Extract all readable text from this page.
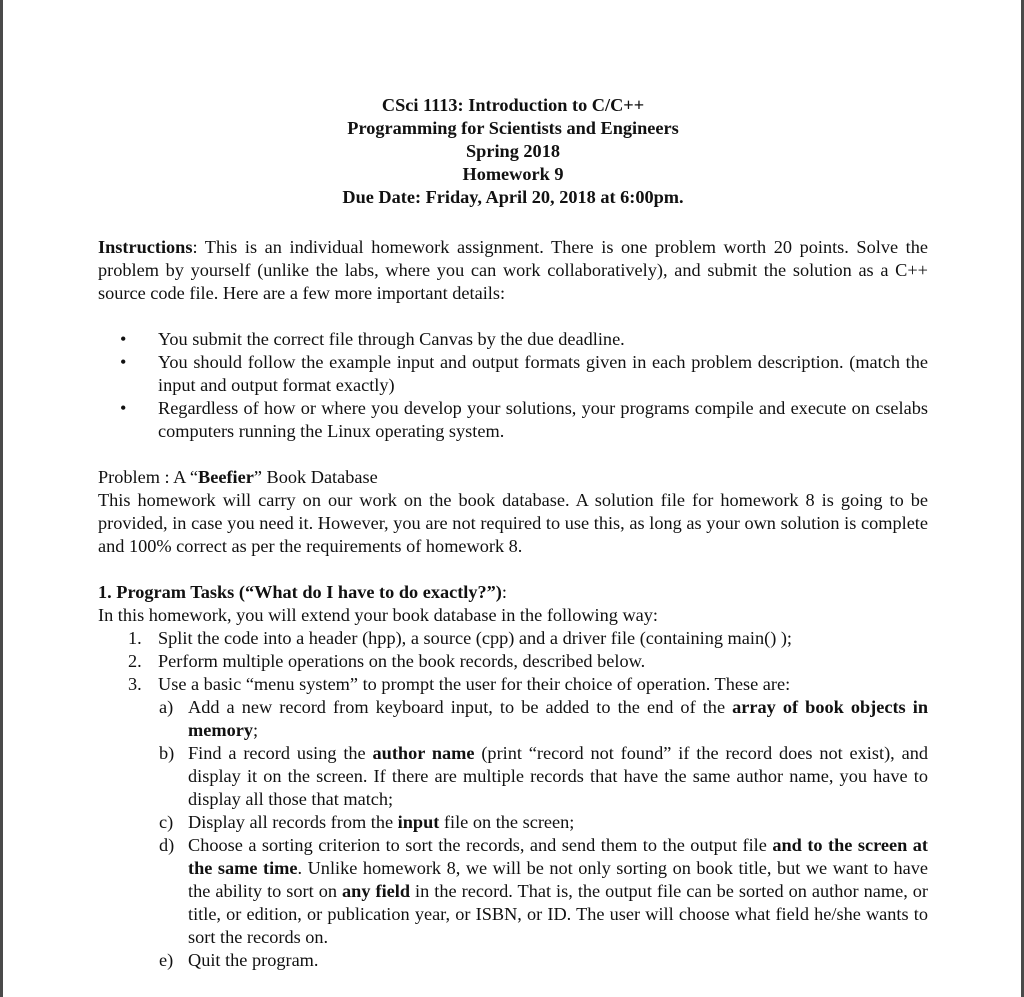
CSci 1113: Introduction to C/C++
Programming for Scientists and Engineers
Spring 2018
Homework 9
Due Date: Friday, April 20, 2018 at 6:00pm.
Instructions: This is an individual homework assignment. There is one problem worth 20 points. Solve the problem by yourself (unlike the labs, where you can work collaboratively), and submit the solution as a C++ source code file. Here are a few more important details:
• You submit the correct file through Canvas by the due deadline.
• You should follow the example input and output formats given in each problem description. (match the input and output format exactly)
• Regardless of how or where you develop your solutions, your programs compile and execute on cselabs computers running the Linux operating system.
Problem : A “Beefier” Book Database
This homework will carry on our work on the book database. A solution file for homework 8 is going to be provided, in case you need it. However, you are not required to use this, as long as your own solution is complete and 100% correct as per the requirements of homework 8.
1. Program Tasks (“What do I have to do exactly?”):
In this homework, you will extend your book database in the following way:
1. Split the code into a header (hpp), a source (cpp) and a driver file (containing main() );
2. Perform multiple operations on the book records, described below.
3. Use a basic “menu system” to prompt the user for their choice of operation. These are:
a) Add a new record from keyboard input, to be added to the end of the array of book objects in memory;
b) Find a record using the author name (print “record not found” if the record does not exist), and display it on the screen. If there are multiple records that have the same author name, you have to display all those that match;
c) Display all records from the input file on the screen;
d) Choose a sorting criterion to sort the records, and send them to the output file and to the screen at the same time. Unlike homework 8, we will be not only sorting on book title, but we want to have the ability to sort on any field in the record. That is, the output file can be sorted on author name, or title, or edition, or publication year, or ISBN, or ID. The user will choose what field he/she wants to sort the records on.
e) Quit the program.
